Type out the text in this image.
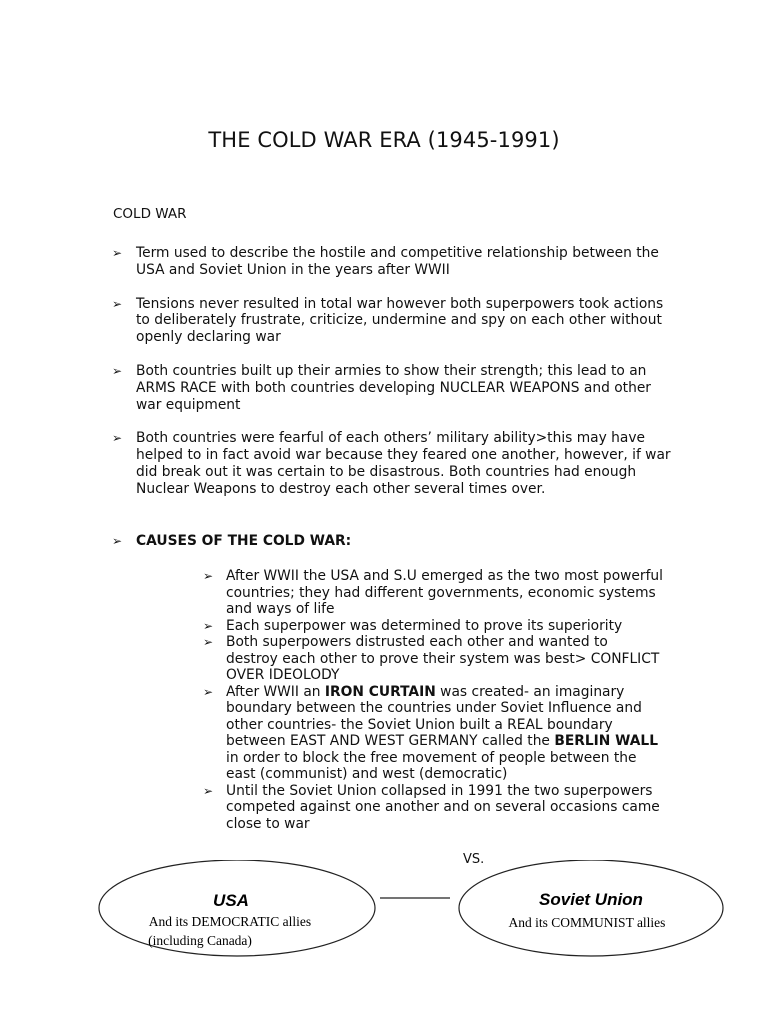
THE COLD WAR ERA (1945-1991)
COLD WAR
➢ Term used to describe the hostile and competitive relationship between the USA and Soviet Union in the years after WWII
➢ Tensions never resulted in total war however both superpowers took actions to deliberately frustrate, criticize, undermine and spy on each other without openly declaring war
➢ Both countries built up their armies to show their strength; this lead to an ARMS RACE with both countries developing NUCLEAR WEAPONS and other war equipment
➢ Both countries were fearful of each others’ military ability>this may have helped to in fact avoid war because they feared one another, however, if war did break out it was certain to be disastrous. Both countries had enough Nuclear Weapons to destroy each other several times over.
➢ CAUSES OF THE COLD WAR:
➢ After WWII the USA and S.U emerged as the two most powerful countries; they had different governments, economic systems and ways of life
➢ Each superpower was determined to prove its superiority
➢ Both superpowers distrusted each other and wanted to destroy each other to prove their system was best> CONFLICT OVER IDEOLODY
➢ After WWII an IRON CURTAIN was created- an imaginary boundary between the countries under Soviet Influence and other countries- the Soviet Union built a REAL boundary between EAST AND WEST GERMANY called the BERLIN WALL in order to block the free movement of people between the east (communist) and west (democratic)
➢ Until the Soviet Union collapsed in 1991 the two superpowers competed against one another and on several occasions came close to war
VS.
USA
And its DEMOCRATIC allies
(including Canada)
Soviet Union
And its COMMUNIST allies
